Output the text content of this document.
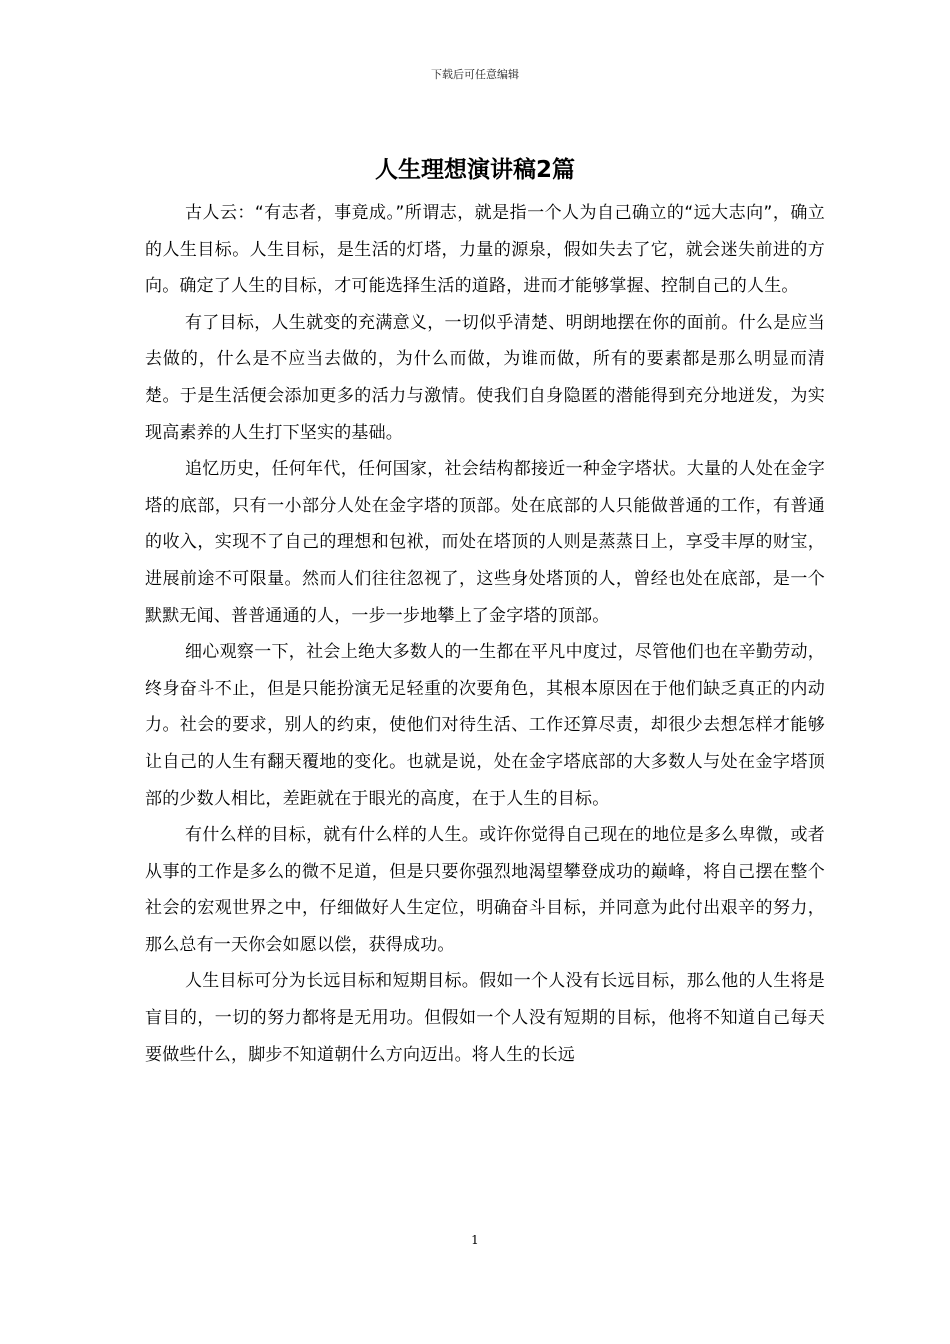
下载后可任意编辑
人生理想演讲稿2篇

古人云：“有志者，事竟成。”所谓志，就是指一个人为自己确立的“远大志向”，确立的人生目标。人生目标，是生活的灯塔，力量的源泉，假如失去了它，就会迷失前进的方向。确定了人生的目标，才可能选择生活的道路，进而才能够掌握、控制自己的人生。

有了目标，人生就变的充满意义，一切似乎清楚、明朗地摆在你的面前。什么是应当去做的，什么是不应当去做的，为什么而做，为谁而做，所有的要素都是那么明显而清楚。于是生活便会添加更多的活力与激情。使我们自身隐匿的潜能得到充分地迸发，为实现高素养的人生打下坚实的基础。

追忆历史，任何年代，任何国家，社会结构都接近一种金字塔状。大量的人处在金字塔的底部，只有一小部分人处在金字塔的顶部。处在底部的人只能做普通的工作，有普通的收入，实现不了自己的理想和包袱，而处在塔顶的人则是蒸蒸日上，享受丰厚的财宝，进展前途不可限量。然而人们往往忽视了，这些身处塔顶的人，曾经也处在底部，是一个默默无闻、普普通通的人，一步一步地攀上了金字塔的顶部。

细心观察一下，社会上绝大多数人的一生都在平凡中度过，尽管他们也在辛勤劳动，终身奋斗不止，但是只能扮演无足轻重的次要角色，其根本原因在于他们缺乏真正的内动力。社会的要求，别人的约束，使他们对待生活、工作还算尽责，却很少去想怎样才能够让自己的人生有翻天覆地的变化。也就是说，处在金字塔底部的大多数人与处在金字塔顶部的少数人相比，差距就在于眼光的高度，在于人生的目标。

有什么样的目标，就有什么样的人生。或许你觉得自己现在的地位是多么卑微，或者从事的工作是多么的微不足道，但是只要你强烈地渴望攀登成功的巅峰，将自己摆在整个社会的宏观世界之中，仔细做好人生定位，明确奋斗目标，并同意为此付出艰辛的努力，那么总有一天你会如愿以偿，获得成功。

人生目标可分为长远目标和短期目标。假如一个人没有长远目标，那么他的人生将是盲目的，一切的努力都将是无用功。但假如一个人没有短期的目标，他将不知道自己每天要做些什么，脚步不知道朝什么方向迈出。将人生的长远

1
